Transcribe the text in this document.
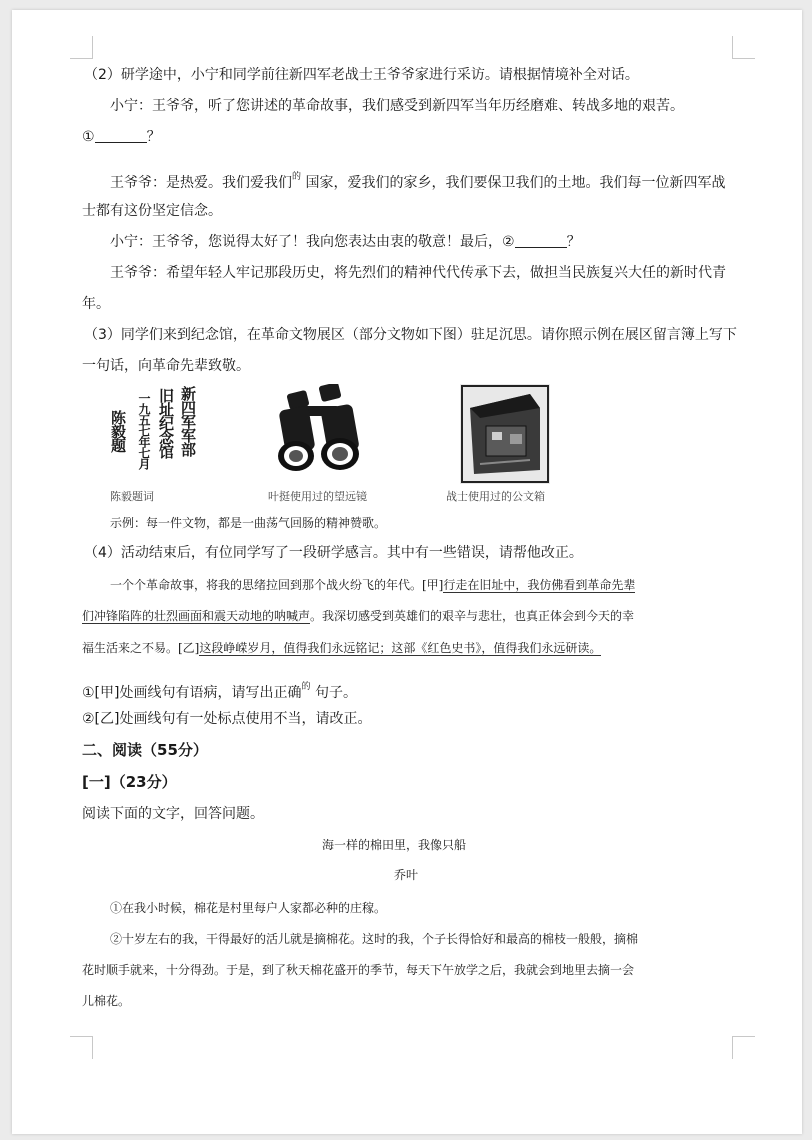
（2）研学途中，小宁和同学前往新四军老战士王爷爷家进行采访。请根据情境补全对话。
小宁：王爷爷，听了您讲述的革命故事，我们感受到新四军当年历经磨难、转战多地的艰苦。
①	？
王爷爷：是热爱。我们爱我们$^的$ 国家，爱我们的家乡，我们要保卫我们的土地。我们每一位新四军战
士都有这份坚定信念。
小宁：王爷爷，您说得太好了！我向您表达由衷的敬意！最后，②	？
王爷爷：希望年轻人牢记那段历史，将先烈们的精神代代传承下去，做担当民族复兴大任的新时代青
年。
（3）同学们来到纪念馆，在革命文物展区（部分文物如下图）驻足沉思。请你照示例在展区留言簿上写下
一句话，向革命先辈致敬。
新四军军部
旧址纪念馆
一九五七年七月
陈毅题
陈毅题词	叶挺使用过的望远镜	战士使用过的公文箱
示例：每一件文物，都是一曲荡气回肠的精神赞歌。
（4）活动结束后，有位同学写了一段研学感言。其中有一些错误，请帮他改正。
一个个革命故事，将我的思绪拉回到那个战火纷飞的年代。[甲]行走在旧址中，我仿佛看到革命先辈
们冲锋陷阵的壮烈画面和震天动地的呐喊声。我深切感受到英雄们的艰辛与悲壮，也真正体会到今天的幸
福生活来之不易。[乙]这段峥嵘岁月，值得我们永远铭记；这部《红色史书》，值得我们永远研读。
①[甲]处画线句有语病，请写出正确$^的$ 句子。
②[乙]处画线句有一处标点使用不当，请改正。
二、阅读（55分）
[一]（23分）
阅读下面的文字，回答问题。
海一样的棉田里，我像只船
乔叶
①在我小时候，棉花是村里每户人家都必种的庄稼。
②十岁左右的我，干得最好的活儿就是摘棉花。这时的我，个子长得恰好和最高的棉枝一般般，摘棉
花时顺手就来，十分得劲。于是，到了秋天棉花盛开的季节，每天下午放学之后，我就会到地里去摘一会
儿棉花。
